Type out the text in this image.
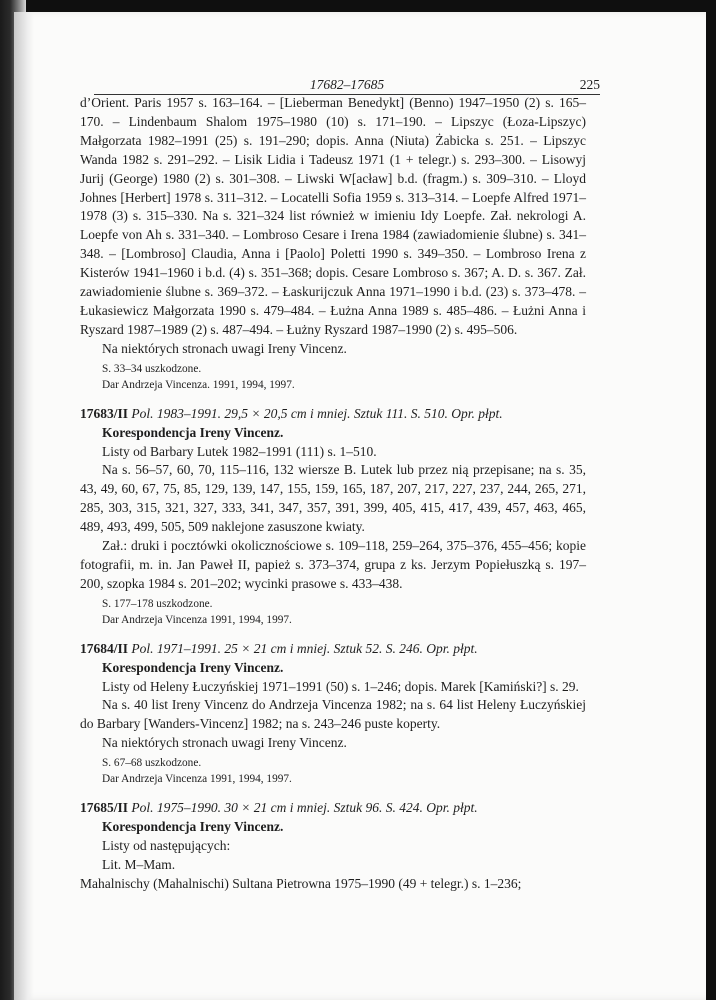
17682–17685	225

d’Orient. Paris 1957 s. 163–164. – [Lieberman Benedykt] (Benno) 1947–1950 (2) s. 165–170. – Lindenbaum Shalom 1975–1980 (10) s. 171–190. – Lipszyc (Łoza-Lipszyc) Małgorzata 1982–1991 (25) s. 191–290; dopis. Anna (Niuta) Żabicka s. 251. – Lipszyc Wanda 1982 s. 291–292. – Lisik Lidia i Tadeusz 1971 (1 + telegr.) s. 293–300. – Lisowyj Jurij (George) 1980 (2) s. 301–308. – Liwski W[acław] b.d. (fragm.) s. 309–310. – Lloyd Johnes [Herbert] 1978 s. 311–312. – Locatelli Sofia 1959 s. 313–314. – Loepfe Alfred 1971–1978 (3) s. 315–330. Na s. 321–324 list również w imieniu Idy Loepfe. Zał. nekrologi A. Loepfe von Ah s. 331–340. – Lombroso Cesare i Irena 1984 (zawiadomienie ślubne) s. 341–348. – [Lombroso] Claudia, Anna i [Paolo] Poletti 1990 s. 349–350. – Lombroso Irena z Kisterów 1941–1960 i b.d. (4) s. 351–368; dopis. Cesare Lombroso s. 367; A. D. s. 367. Zał. zawiadomienie ślubne s. 369–372. – Łaskurijczuk Anna 1971–1990 i b.d. (23) s. 373–478. – Łukasiewicz Małgorzata 1990 s. 479–484. – Łużna Anna 1989 s. 485–486. – Łużni Anna i Ryszard 1987–1989 (2) s. 487–494. – Łużny Ryszard 1987–1990 (2) s. 495–506.

Na niektórych stronach uwagi Ireny Vincenz.

S. 33–34 uszkodzone.

Dar Andrzeja Vincenza. 1991, 1994, 1997.

17683/II Pol. 1983–1991. 29,5 × 20,5 cm i mniej. Sztuk 111. S. 510. Opr. płpt.

Korespondencja Ireny Vincenz.

Listy od Barbary Lutek 1982–1991 (111) s. 1–510.

Na s. 56–57, 60, 70, 115–116, 132 wiersze B. Lutek lub przez nią przepisane; na s. 35, 43, 49, 60, 67, 75, 85, 129, 139, 147, 155, 159, 165, 187, 207, 217, 227, 237, 244, 265, 271, 285, 303, 315, 321, 327, 333, 341, 347, 357, 391, 399, 405, 415, 417, 439, 457, 463, 465, 489, 493, 499, 505, 509 naklejone zasuszone kwiaty.

Zał.: druki i pocztówki okolicznościowe s. 109–118, 259–264, 375–376, 455–456; kopie fotografii, m. in. Jan Paweł II, papież s. 373–374, grupa z ks. Jerzym Popiełuszką s. 197–200, szopka 1984 s. 201–202; wycinki prasowe s. 433–438.

S. 177–178 uszkodzone.

Dar Andrzeja Vincenza 1991, 1994, 1997.

17684/II Pol. 1971–1991. 25 × 21 cm i mniej. Sztuk 52. S. 246. Opr. płpt.

Korespondencja Ireny Vincenz.

Listy od Heleny Łuczyńskiej 1971–1991 (50) s. 1–246; dopis. Marek [Kamiński?] s. 29.

Na s. 40 list Ireny Vincenz do Andrzeja Vincenza 1982; na s. 64 list Heleny Łuczyńskiej do Barbary [Wanders-Vincenz] 1982; na s. 243–246 puste koperty.

Na niektórych stronach uwagi Ireny Vincenz.

S. 67–68 uszkodzone.

Dar Andrzeja Vincenza 1991, 1994, 1997.

17685/II Pol. 1975–1990. 30 × 21 cm i mniej. Sztuk 96. S. 424. Opr. płpt.

Korespondencja Ireny Vincenz.

Listy od następujących:

Lit. M–Mam.

Mahalnischy (Mahalnischi) Sultana Pietrowna 1975–1990 (49 + telegr.) s. 1–236;
